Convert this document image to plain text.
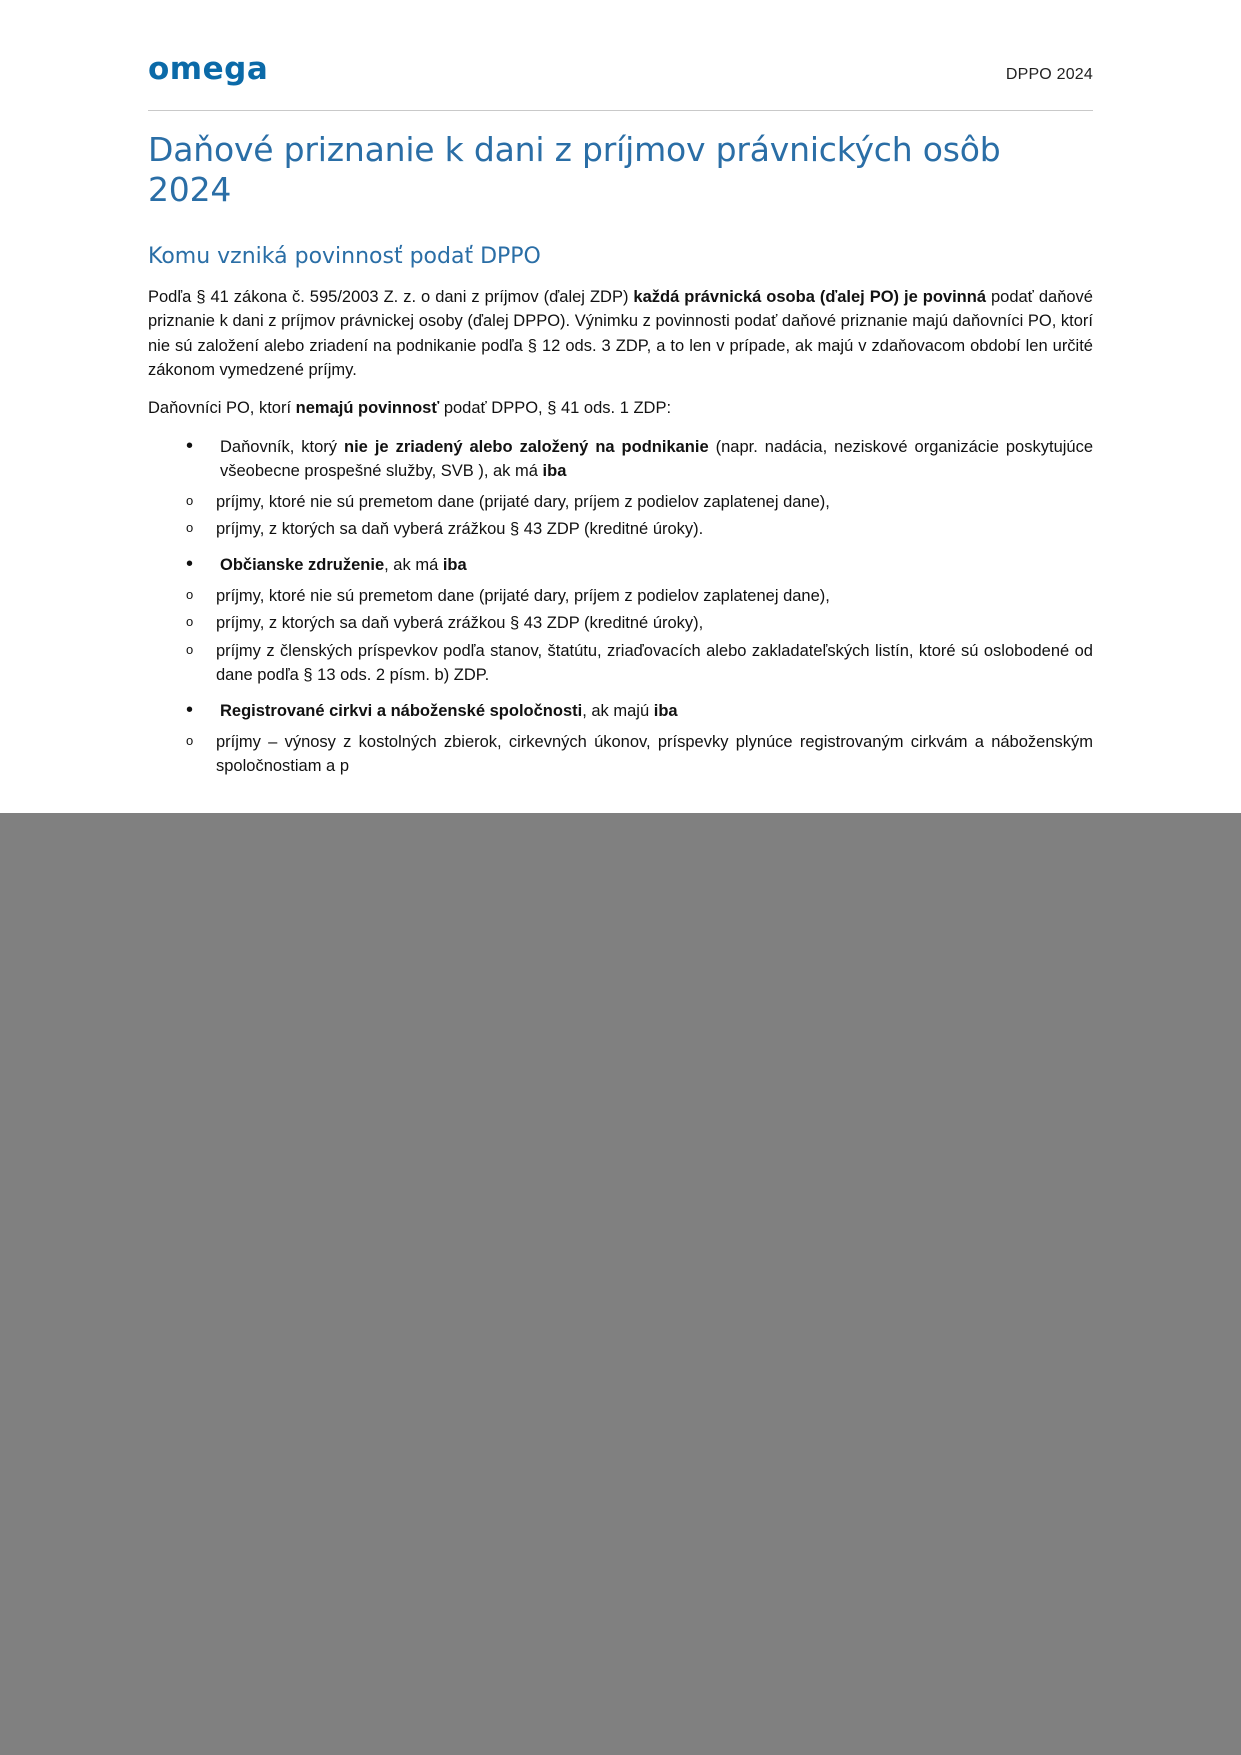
omega	DPPO 2024
Daňové priznanie k dani z príjmov právnických osôb 2024
Komu vzniká povinnosť podať DPPO

Podľa § 41 zákona č. 595/2003 Z. z. o dani z príjmov (ďalej ZDP) každá právnická osoba (ďalej PO) je povinná podať daňové priznanie k dani z príjmov právnickej osoby (ďalej DPPO). Výnimku z povinnosti podať daňové priznanie majú daňovníci PO, ktorí nie sú založení alebo zriadení na podnikanie podľa § 12 ods. 3 ZDP, a to len v prípade, ak majú v zdaňovacom období len určité zákonom vymedzené príjmy.

Daňovníci PO, ktorí nemajú povinnosť podať DPPO, § 41 ods. 1 ZDP:

• Daňovník, ktorý nie je zriadený alebo založený na podnikanie (napr. nadácia, neziskové organizácie poskytujúce všeobecne prospešné služby, SVB ), ak má iba
o príjmy, ktoré nie sú premetom dane (prijaté dary, príjem z podielov zaplatenej dane),
o príjmy, z ktorých sa daň vyberá zrážkou § 43 ZDP (kreditné úroky).
• Občianske združenie, ak má iba
o príjmy, ktoré nie sú premetom dane (prijaté dary, príjem z podielov zaplatenej dane),
o príjmy, z ktorých sa daň vyberá zrážkou § 43 ZDP (kreditné úroky),
o príjmy z členských príspevkov podľa stanov, štatútu, zriaďovacích alebo zakladateľských listín, ktoré sú oslobodené od dane podľa § 13 ods. 2 písm. b) ZDP.
• Registrované cirkvi a náboženské spoločnosti, ak majú iba
o príjmy – výnosy z kostolných zbierok, cirkevných úkonov, príspevky plynúce registrovaným cirkvám a náboženským spoločnostiam a p
